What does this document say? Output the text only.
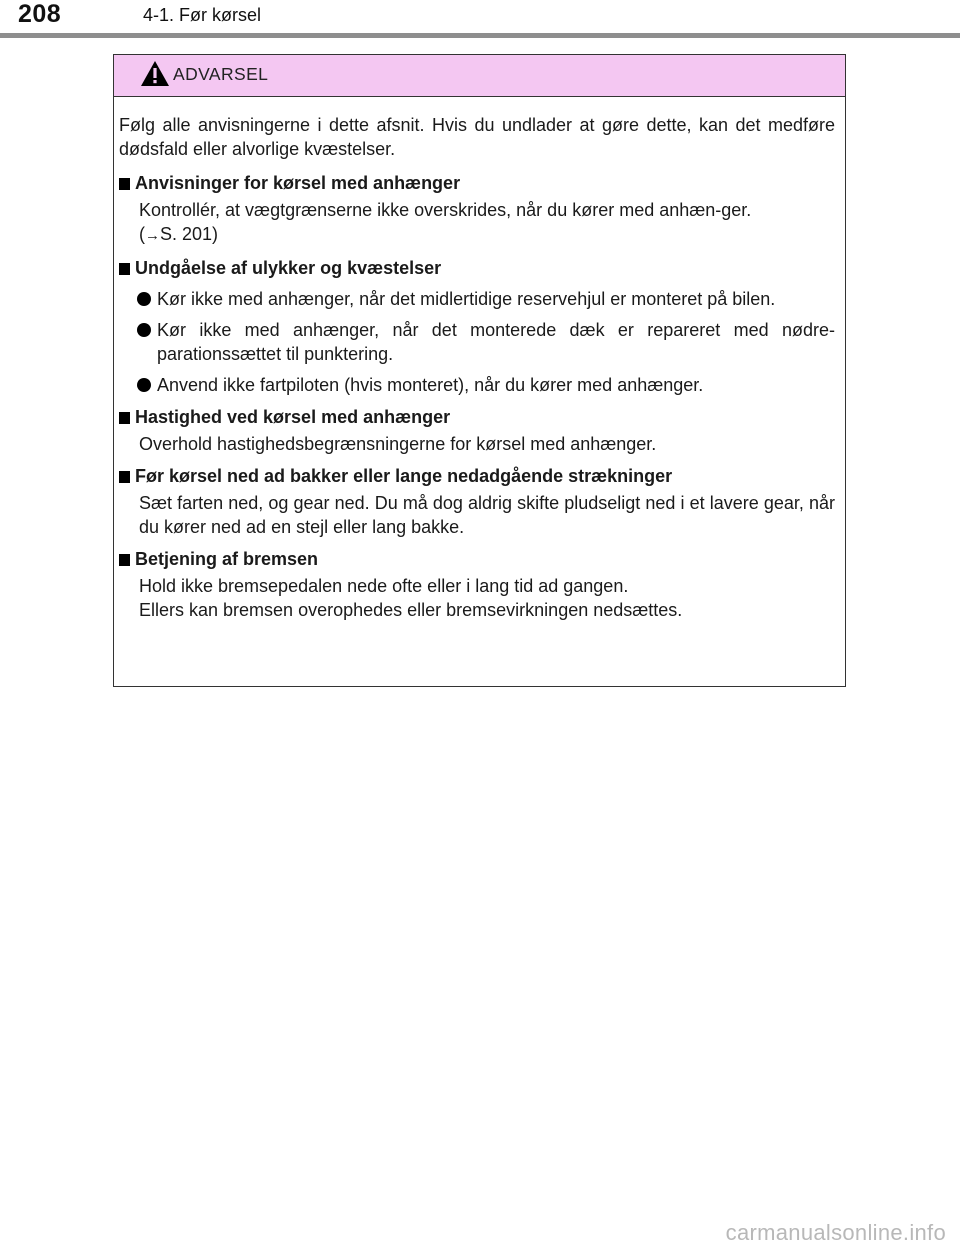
208	4-1. Før kørsel
ADVARSEL

Følg alle anvisningerne i dette afsnit. Hvis du undlader at gøre dette, kan det medføre dødsfald eller alvorlige kvæstelser.

Anvisninger for kørsel med anhænger

Kontrollér, at vægtgrænserne ikke overskrides, når du kører med anhæn-ger.

(→S. 201)

Undgåelse af ulykker og kvæstelser
Kør ikke med anhænger, når det midlertidige reservehjul er monteret på bilen.
Kør ikke med anhænger, når det monterede dæk er repareret med nødre-parationssættet til punktering.
Anvend ikke fartpiloten (hvis monteret), når du kører med anhænger.
Hastighed ved kørsel med anhænger

Overhold hastighedsbegrænsningerne for kørsel med anhænger.

Før kørsel ned ad bakker eller lange nedadgående strækninger

Sæt farten ned, og gear ned. Du må dog aldrig skifte pludseligt ned i et lavere gear, når du kører ned ad en stejl eller lang bakke.

Betjening af bremsen

Hold ikke bremsepedalen nede ofte eller i lang tid ad gangen.

Ellers kan bremsen overophedes eller bremsevirkningen nedsættes.

carmanualsonline.info
